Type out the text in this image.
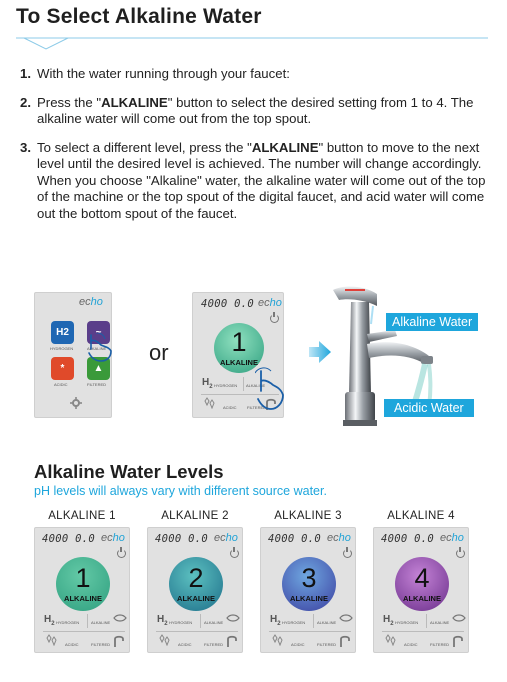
To Select Alkaline Water
1. With the water running through your faucet:
2. Press the "ALKALINE" button to select the desired setting from 1 to 4. The alkaline water will come out from the top spout.
3. To select a different level, press the "ALKALINE" button to move to the next level until the desired level is achieved. The number will change accordingly. When you choose "Alkaline" water, the alkaline water will come out of the top of the machine or the top spout of the digital faucet, and acid water will come out the bottom spout of the faucet.
echo
H2
HYDROGEN
~
ALKALINE
*
ACIDIC
▲
FILTERED
or
4000 0.0 echo
1
ALKALINE
$H_2$ HYDROGEN ALKALINE
ACIDIC	FILTERED
Alkaline Water
Acidic Water
Alkaline Water Levels
pH levels will always vary with different source water.
ALKALINE 1
4000 0.0 echo
1
ALKALINE
$H_2$ HYDROGEN	ALKALINE
ACIDIC	FILTERED
ALKALINE 2
4000 0.0 echo
2
ALKALINE
$H_2$ HYDROGEN	ALKALINE
ACIDIC	FILTERED
ALKALINE 3
4000 0.0 echo
3
ALKALINE
$H_2$ HYDROGEN	ALKALINE
ACIDIC	FILTERED
ALKALINE 4
4000 0.0 echo
4
ALKALINE
$H_2$ HYDROGEN	ALKALINE
ACIDIC	FILTERED
